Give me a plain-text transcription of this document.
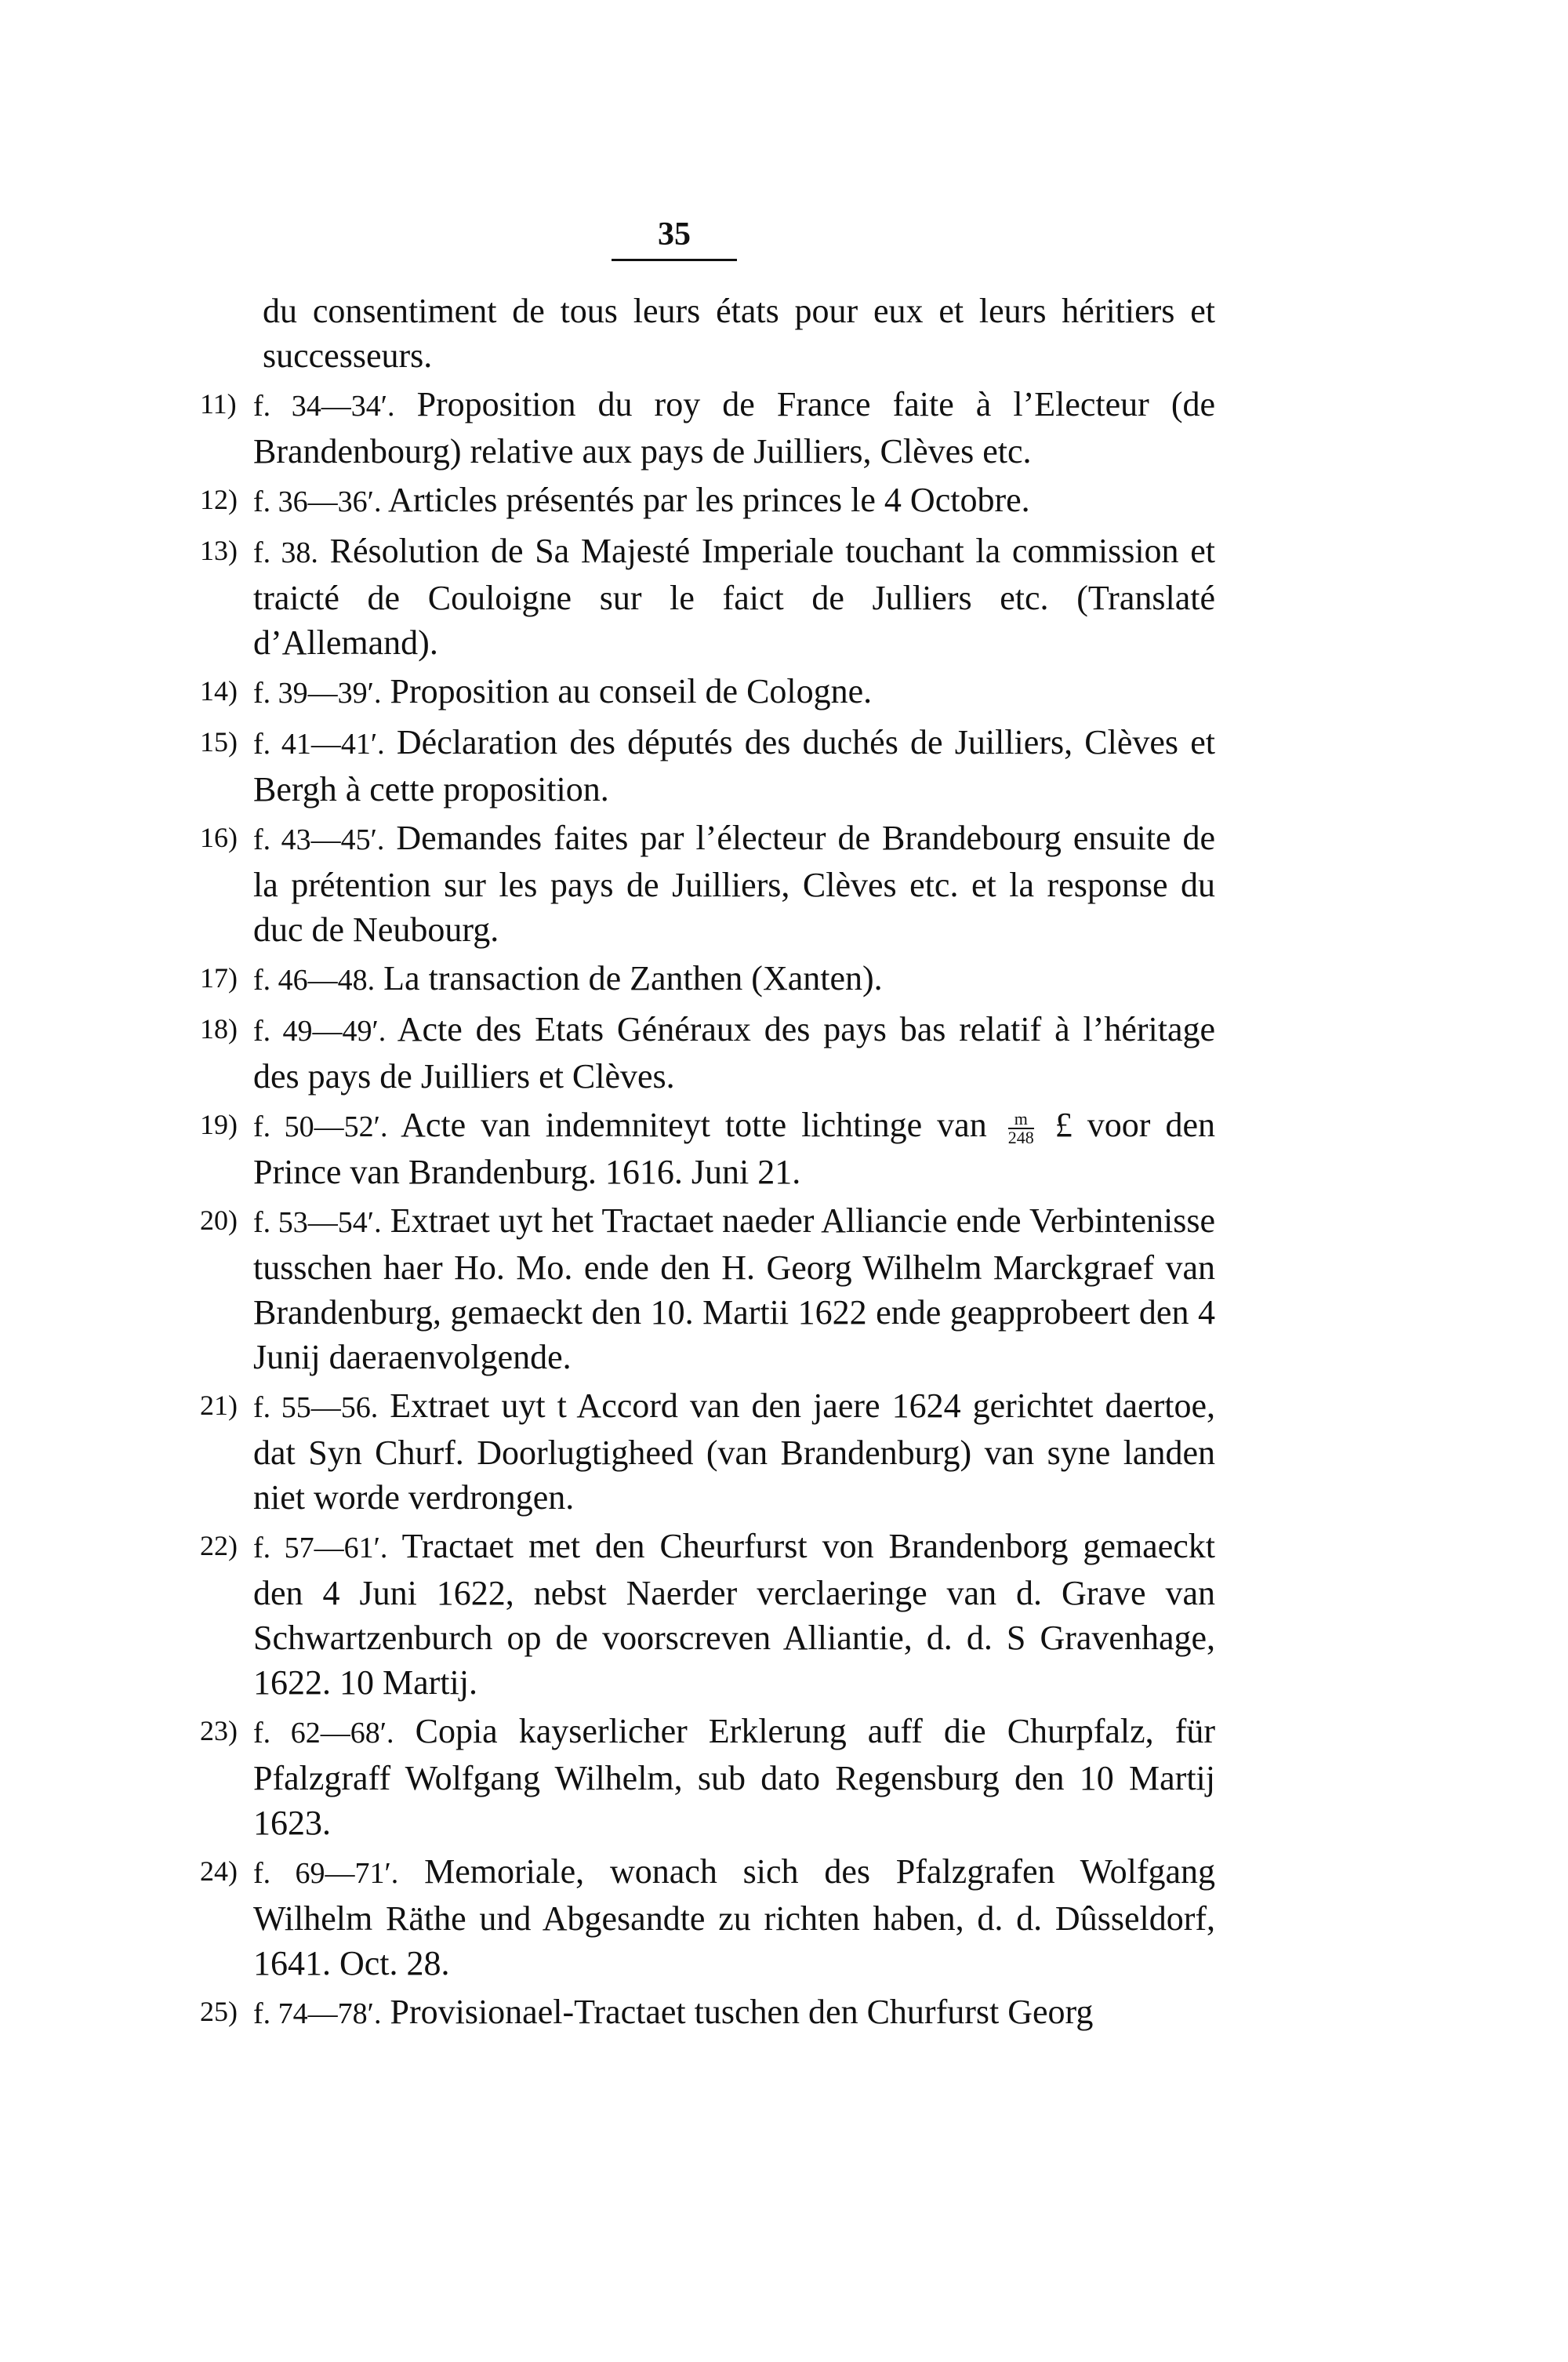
35
du consentiment de tous leurs états pour eux et leurs héritiers et successeurs.
11) f. 34—34′. Proposition du roy de France faite à l’Electeur (de Brandenbourg) relative aux pays de Juilliers, Clèves etc.
12) f. 36—36′. Articles présentés par les princes le 4 Octobre.
13) f. 38. Résolution de Sa Majesté Imperiale touchant la commission et traicté de Couloigne sur le faict de Julliers etc. (Translaté d’Allemand).
14) f. 39—39′. Proposition au conseil de Cologne.
15) f. 41—41′. Déclaration des députés des duchés de Juilliers, Clèves et Bergh à cette proposition.
16) f. 43—45′. Demandes faites par l’électeur de Brandebourg ensuite de la prétention sur les pays de Juilliers, Clèves etc. et la response du duc de Neubourg.
17) f. 46—48. La transaction de Zanthen (Xanten).
18) f. 49—49′. Acte des Etats Généraux des pays bas relatif à l’héritage des pays de Juilliers et Clèves.
19) f. 50—52′. Acte van indemniteyt totte lichtinge van $\frac{m}{248}$ £ voor den Prince van Brandenburg. 1616. Juni 21.
20) f. 53—54′. Extraet uyt het Tractaet naeder Alliancie ende Verbintenisse tusschen haer Ho. Mo. ende den H. Georg Wilhelm Marckgraef van Brandenburg, gemaeckt den 10. Martii 1622 ende geapprobeert den 4 Junij daeraenvolgende.
21) f. 55—56. Extraet uyt t Accord van den jaere 1624 gerichtet daertoe, dat Syn Churf. Doorlugtigheed (van Brandenburg) van syne landen niet worde verdrongen.
22) f. 57—61′. Tractaet met den Cheurfurst von Brandenborg gemaeckt den 4 Juni 1622, nebst Naerder verclaeringe van d. Grave van Schwartzenburch op de voorscreven Alliantie, d. d. S Gravenhage, 1622. 10 Martij.
23) f. 62—68′. Copia kayserlicher Erklerung auff die Churpfalz, für Pfalzgraff Wolfgang Wilhelm, sub dato Regensburg den 10 Martij 1623.
24) f. 69—71′. Memoriale, wonach sich des Pfalzgrafen Wolfgang Wilhelm Räthe und Abgesandte zu richten haben, d. d. Dûsseldorf, 1641. Oct. 28.
25) f. 74—78′. Provisionael-Tractaet tuschen den Churfurst Georg
